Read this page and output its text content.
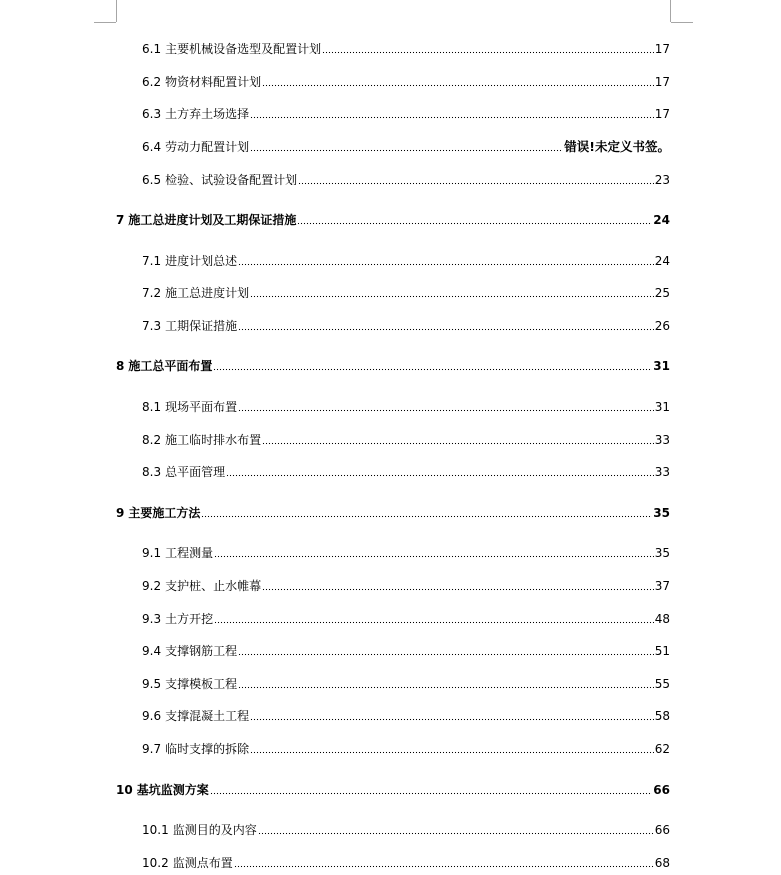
6.1 主要机械设备选型及配置计划	17
6.2 物资材料配置计划	17
6.3 土方弃土场选择	17
6.4 劳动力配置计划	错误!未定义书签。
6.5 检验、试验设备配置计划	23
7 施工总进度计划及工期保证措施	24
7.1 进度计划总述	24
7.2 施工总进度计划	25
7.3 工期保证措施	26
8 施工总平面布置	31
8.1 现场平面布置	31
8.2 施工临时排水布置	33
8.3 总平面管理	33
9 主要施工方法	35
9.1 工程测量	35
9.2 支护桩、止水帷幕	37
9.3 土方开挖	48
9.4 支撑钢筋工程	51
9.5 支撑模板工程	55
9.6 支撑混凝土工程	58
9.7 临时支撑的拆除	62
10 基坑监测方案	66
10.1 监测目的及内容	66
10.2 监测点布置	68
